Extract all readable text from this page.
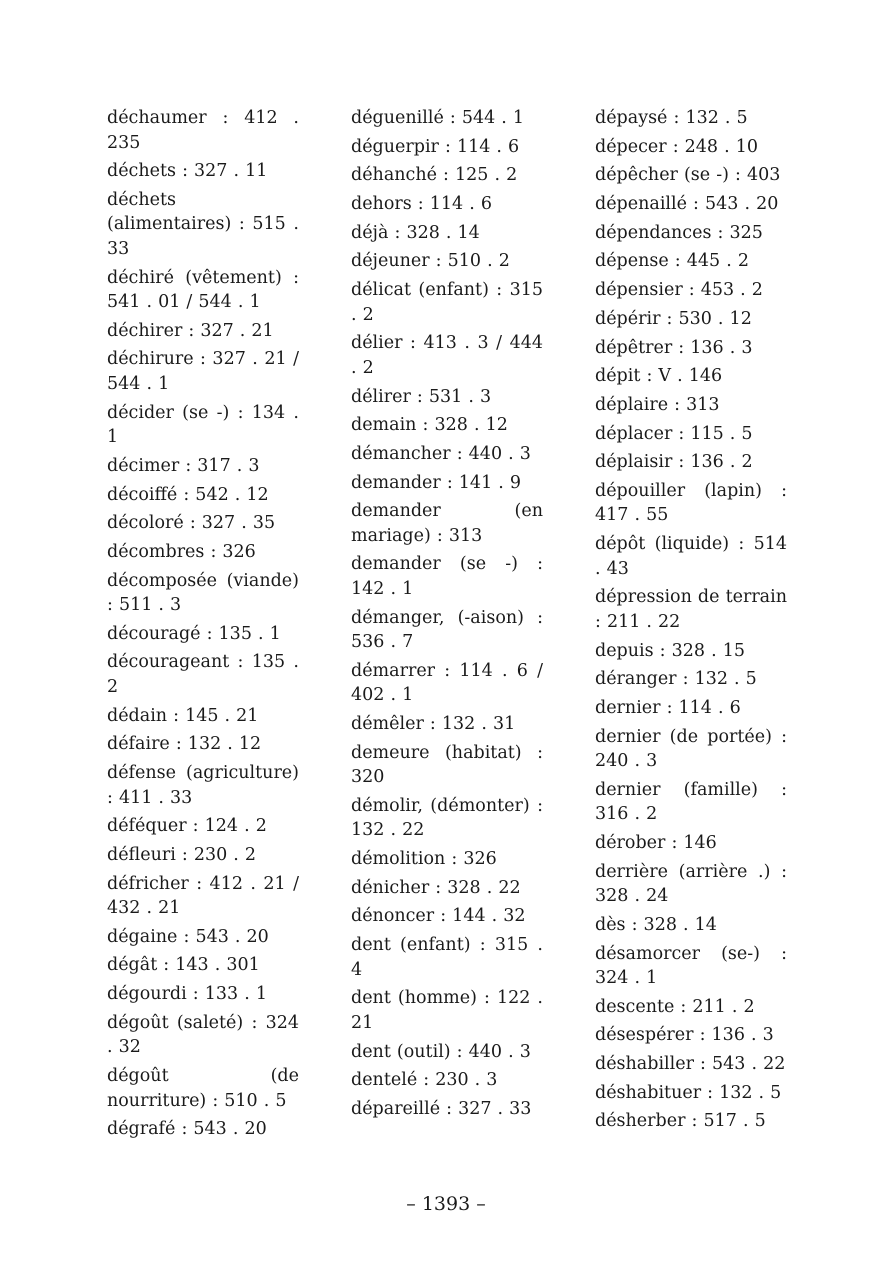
déchaumer : 412 . 235

déchets : 327 . 11

déchets (alimentaires) : 515 . 33

déchiré (vêtement) : 541 . 01 / 544 . 1

déchirer : 327 . 21

déchirure : 327 . 21 / 544 . 1

décider (se -) : 134 . 1

décimer : 317 . 3

décoiffé : 542 . 12

décoloré : 327 . 35

décombres : 326

décomposée (viande) : 511 . 3

découragé : 135 . 1

décourageant : 135 . 2

dédain : 145 . 21

défaire : 132 . 12

défense (agriculture) : 411 . 33

déféquer : 124 . 2

défleuri : 230 . 2

défricher : 412 . 21 / 432 . 21

dégaine : 543 . 20

dégât : 143 . 301

dégourdi : 133 . 1

dégoût (saleté) : 324 . 32

dégoût (de nourriture) : 510 . 5

dégrafé : 543 . 20

déguenillé : 544 . 1

déguerpir : 114 . 6

déhanché : 125 . 2

dehors : 114 . 6

déjà : 328 . 14

déjeuner : 510 . 2

délicat (enfant) : 315 . 2

délier : 413 . 3 / 444 . 2

délirer : 531 . 3

demain : 328 . 12

démancher : 440 . 3

demander : 141 . 9

demander (en mariage) : 313

demander (se -) : 142 . 1

démanger, (-aison) : 536 . 7

démarrer : 114 . 6 / 402 . 1

démêler : 132 . 31

demeure (habitat) : 320

démolir, (démonter) : 132 . 22

démolition : 326

dénicher : 328 . 22

dénoncer : 144 . 32

dent (enfant) : 315 . 4

dent (homme) : 122 . 21

dent (outil) : 440 . 3

dentelé : 230 . 3

dépareillé : 327 . 33

dépaysé : 132 . 5

dépecer : 248 . 10

dépêcher (se -) : 403

dépenaillé : 543 . 20

dépendances : 325

dépense : 445 . 2

dépensier : 453 . 2

dépérir : 530 . 12

dépêtrer : 136 . 3

dépit : V . 146

déplaire : 313

déplacer : 115 . 5

déplaisir : 136 . 2

dépouiller (lapin) : 417 . 55

dépôt (liquide) : 514 . 43

dépression de terrain : 211 . 22

depuis : 328 . 15

déranger : 132 . 5

dernier : 114 . 6

dernier (de portée) : 240 . 3

dernier (famille) : 316 . 2

dérober : 146

derrière (arrière .) : 328 . 24

dès : 328 . 14

désamorcer (se-) : 324 . 1

descente : 211 . 2

désespérer : 136 . 3

déshabiller : 543 . 22

déshabituer : 132 . 5

désherber : 517 . 5

– 1393 –
